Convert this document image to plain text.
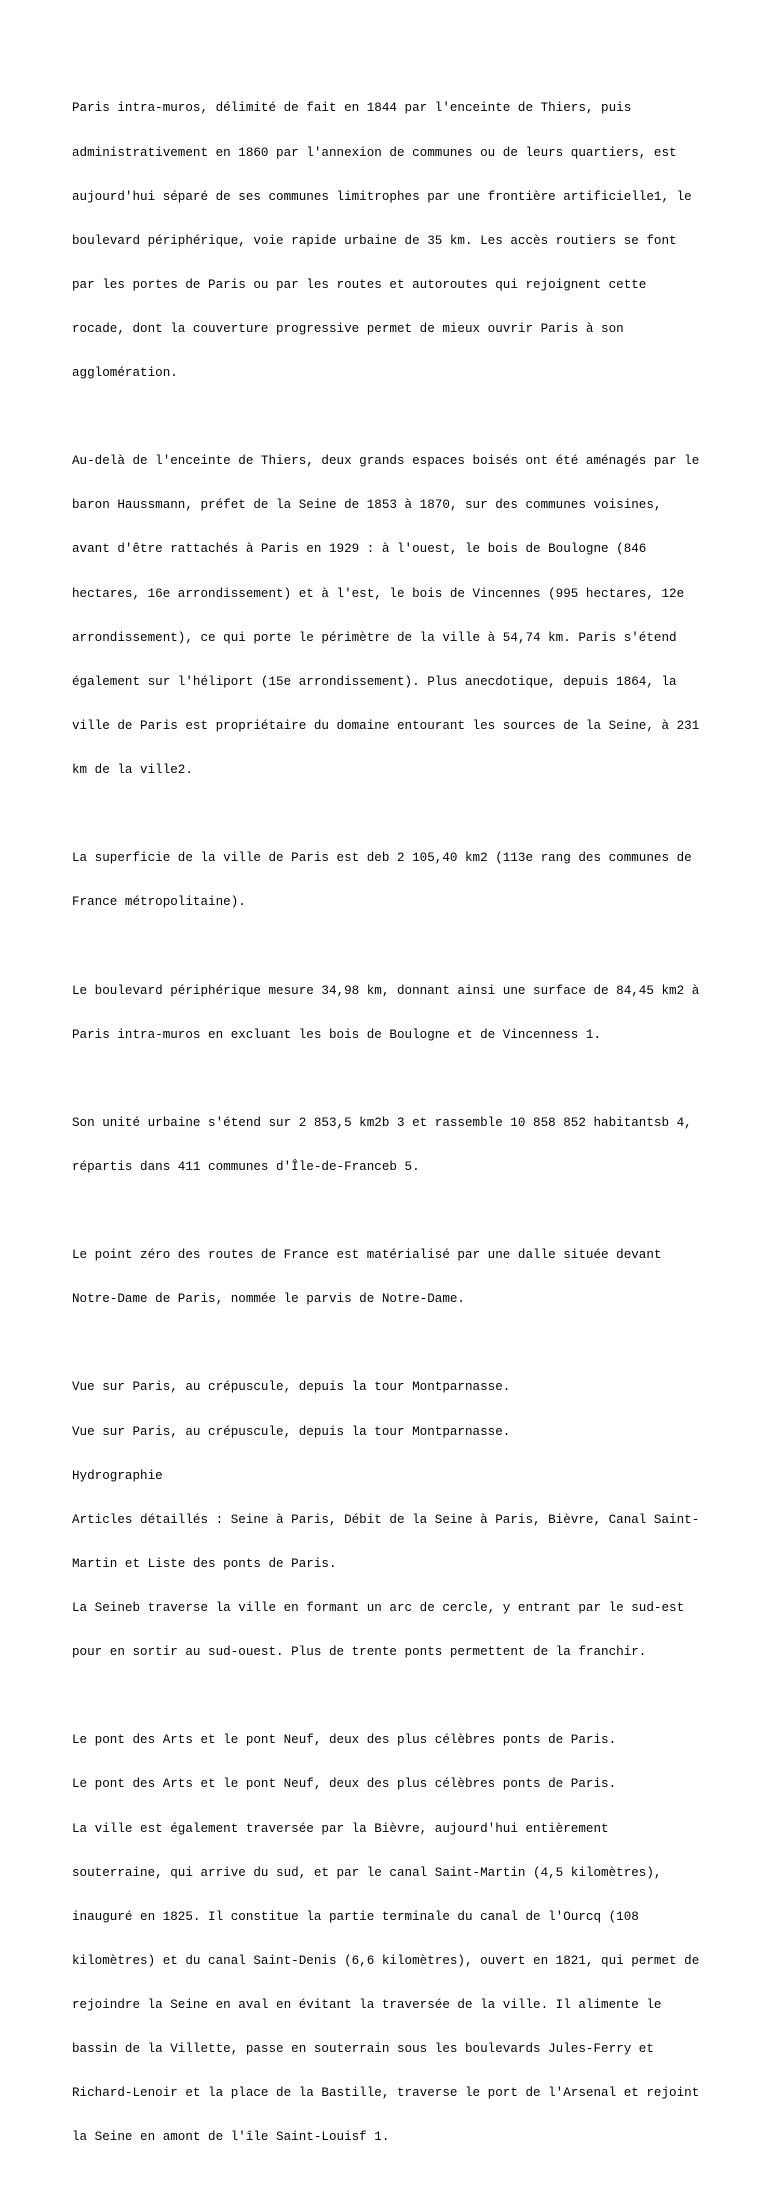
Paris intra-muros, délimité de fait en 1844 par l'enceinte de Thiers, puis

administrativement en 1860 par l'annexion de communes ou de leurs quartiers, est

aujourd'hui séparé de ses communes limitrophes par une frontière artificielle1, le

boulevard périphérique, voie rapide urbaine de 35 km. Les accès routiers se font

par les portes de Paris ou par les routes et autoroutes qui rejoignent cette

rocade, dont la couverture progressive permet de mieux ouvrir Paris à son

agglomération.

Au-delà de l'enceinte de Thiers, deux grands espaces boisés ont été aménagés par le

baron Haussmann, préfet de la Seine de 1853 à 1870, sur des communes voisines,

avant d'être rattachés à Paris en 1929 : à l'ouest, le bois de Boulogne (846

hectares, 16e arrondissement) et à l'est, le bois de Vincennes (995 hectares, 12e

arrondissement), ce qui porte le périmètre de la ville à 54,74 km. Paris s'étend

également sur l'héliport (15e arrondissement). Plus anecdotique, depuis 1864, la

ville de Paris est propriétaire du domaine entourant les sources de la Seine, à 231

km de la ville2.

La superficie de la ville de Paris est deb 2 105,40 km2 (113e rang des communes de

France métropolitaine).

Le boulevard périphérique mesure 34,98 km, donnant ainsi une surface de 84,45 km2 à

Paris intra-muros en excluant les bois de Boulogne et de Vincenness 1.

Son unité urbaine s'étend sur 2 853,5 km2b 3 et rassemble 10 858 852 habitantsb 4,

répartis dans 411 communes d'Île-de-Franceb 5.

Le point zéro des routes de France est matérialisé par une dalle située devant

Notre-Dame de Paris, nommée le parvis de Notre-Dame.

Vue sur Paris, au crépuscule, depuis la tour Montparnasse.

Vue sur Paris, au crépuscule, depuis la tour Montparnasse.

Hydrographie

Articles détaillés : Seine à Paris, Débit de la Seine à Paris, Bièvre, Canal Saint-

Martin et Liste des ponts de Paris.

La Seineb traverse la ville en formant un arc de cercle, y entrant par le sud-est

pour en sortir au sud-ouest. Plus de trente ponts permettent de la franchir.

Le pont des Arts et le pont Neuf, deux des plus célèbres ponts de Paris.

Le pont des Arts et le pont Neuf, deux des plus célèbres ponts de Paris.

La ville est également traversée par la Bièvre, aujourd'hui entièrement

souterraine, qui arrive du sud, et par le canal Saint-Martin (4,5 kilomètres),

inauguré en 1825. Il constitue la partie terminale du canal de l'Ourcq (108

kilomètres) et du canal Saint-Denis (6,6 kilomètres), ouvert en 1821, qui permet de

rejoindre la Seine en aval en évitant la traversée de la ville. Il alimente le

bassin de la Villette, passe en souterrain sous les boulevards Jules-Ferry et

Richard-Lenoir et la place de la Bastille, traverse le port de l'Arsenal et rejoint

la Seine en amont de l'île Saint-Louisf 1.
